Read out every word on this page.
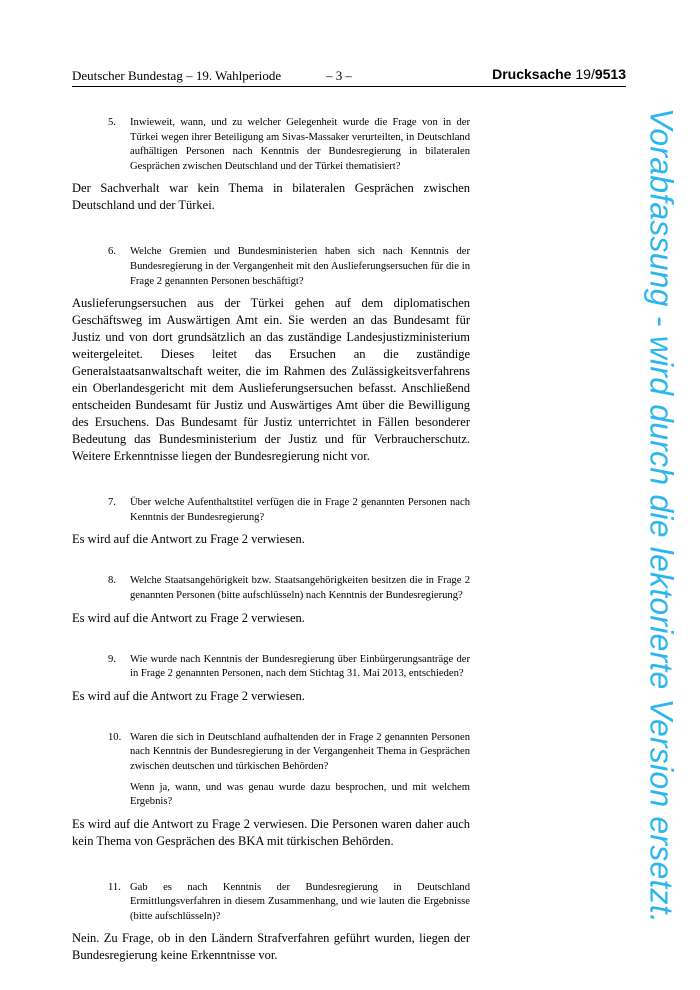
Deutscher Bundestag – 19. Wahlperiode	– 3 –	Drucksache 19/9513
5. Inwieweit, wann, und zu welcher Gelegenheit wurde die Frage von in der Türkei wegen ihrer Beteiligung am Sivas-Massaker verurteilten, in Deutschland aufhältigen Personen nach Kenntnis der Bundesregierung in bilateralen Gesprächen zwischen Deutschland und der Türkei thematisiert?

Der Sachverhalt war kein Thema in bilateralen Gesprächen zwischen Deutschland und der Türkei.

6. Welche Gremien und Bundesministerien haben sich nach Kenntnis der Bundesregierung in der Vergangenheit mit den Auslieferungsersuchen für die in Frage 2 genannten Personen beschäftigt?

Auslieferungsersuchen aus der Türkei gehen auf dem diplomatischen Geschäftsweg im Auswärtigen Amt ein. Sie werden an das Bundesamt für Justiz und von dort grundsätzlich an das zuständige Landesjustizministerium weitergeleitet. Dieses leitet das Ersuchen an die zuständige Generalstaatsanwaltschaft weiter, die im Rahmen des Zulässigkeitsverfahrens ein Oberlandesgericht mit dem Auslieferungsersuchen befasst. Anschließend entscheiden Bundesamt für Justiz und Auswärtiges Amt über die Bewilligung des Ersuchens. Das Bundesamt für Justiz unterrichtet in Fällen besonderer Bedeutung das Bundesministerium der Justiz und für Verbraucherschutz. Weitere Erkenntnisse liegen der Bundesregierung nicht vor.

7. Über welche Aufenthaltstitel verfügen die in Frage 2 genannten Personen nach Kenntnis der Bundesregierung?

Es wird auf die Antwort zu Frage 2 verwiesen.

8. Welche Staatsangehörigkeit bzw. Staatsangehörigkeiten besitzen die in Frage 2 genannten Personen (bitte aufschlüsseln) nach Kenntnis der Bundesregierung?

Es wird auf die Antwort zu Frage 2 verwiesen.

9. Wie wurde nach Kenntnis der Bundesregierung über Einbürgerungsanträge der in Frage 2 genannten Personen, nach dem Stichtag 31. Mai 2013, entschieden?

Es wird auf die Antwort zu Frage 2 verwiesen.

10. Waren die sich in Deutschland aufhaltenden der in Frage 2 genannten Personen nach Kenntnis der Bundesregierung in der Vergangenheit Thema in Gesprächen zwischen deutschen und türkischen Behörden?

Wenn ja, wann, und was genau wurde dazu besprochen, und mit welchem Ergebnis?

Es wird auf die Antwort zu Frage 2 verwiesen. Die Personen waren daher auch kein Thema von Gesprächen des BKA mit türkischen Behörden.

11. Gab es nach Kenntnis der Bundesregierung in Deutschland Ermittlungsverfahren in diesem Zusammenhang, und wie lauten die Ergebnisse (bitte aufschlüsseln)?

Nein. Zu Frage, ob in den Ländern Strafverfahren geführt wurden, liegen der Bundesregierung keine Erkenntnisse vor.

Vorabfassung - wird durch die lektorierte Version ersetzt.
